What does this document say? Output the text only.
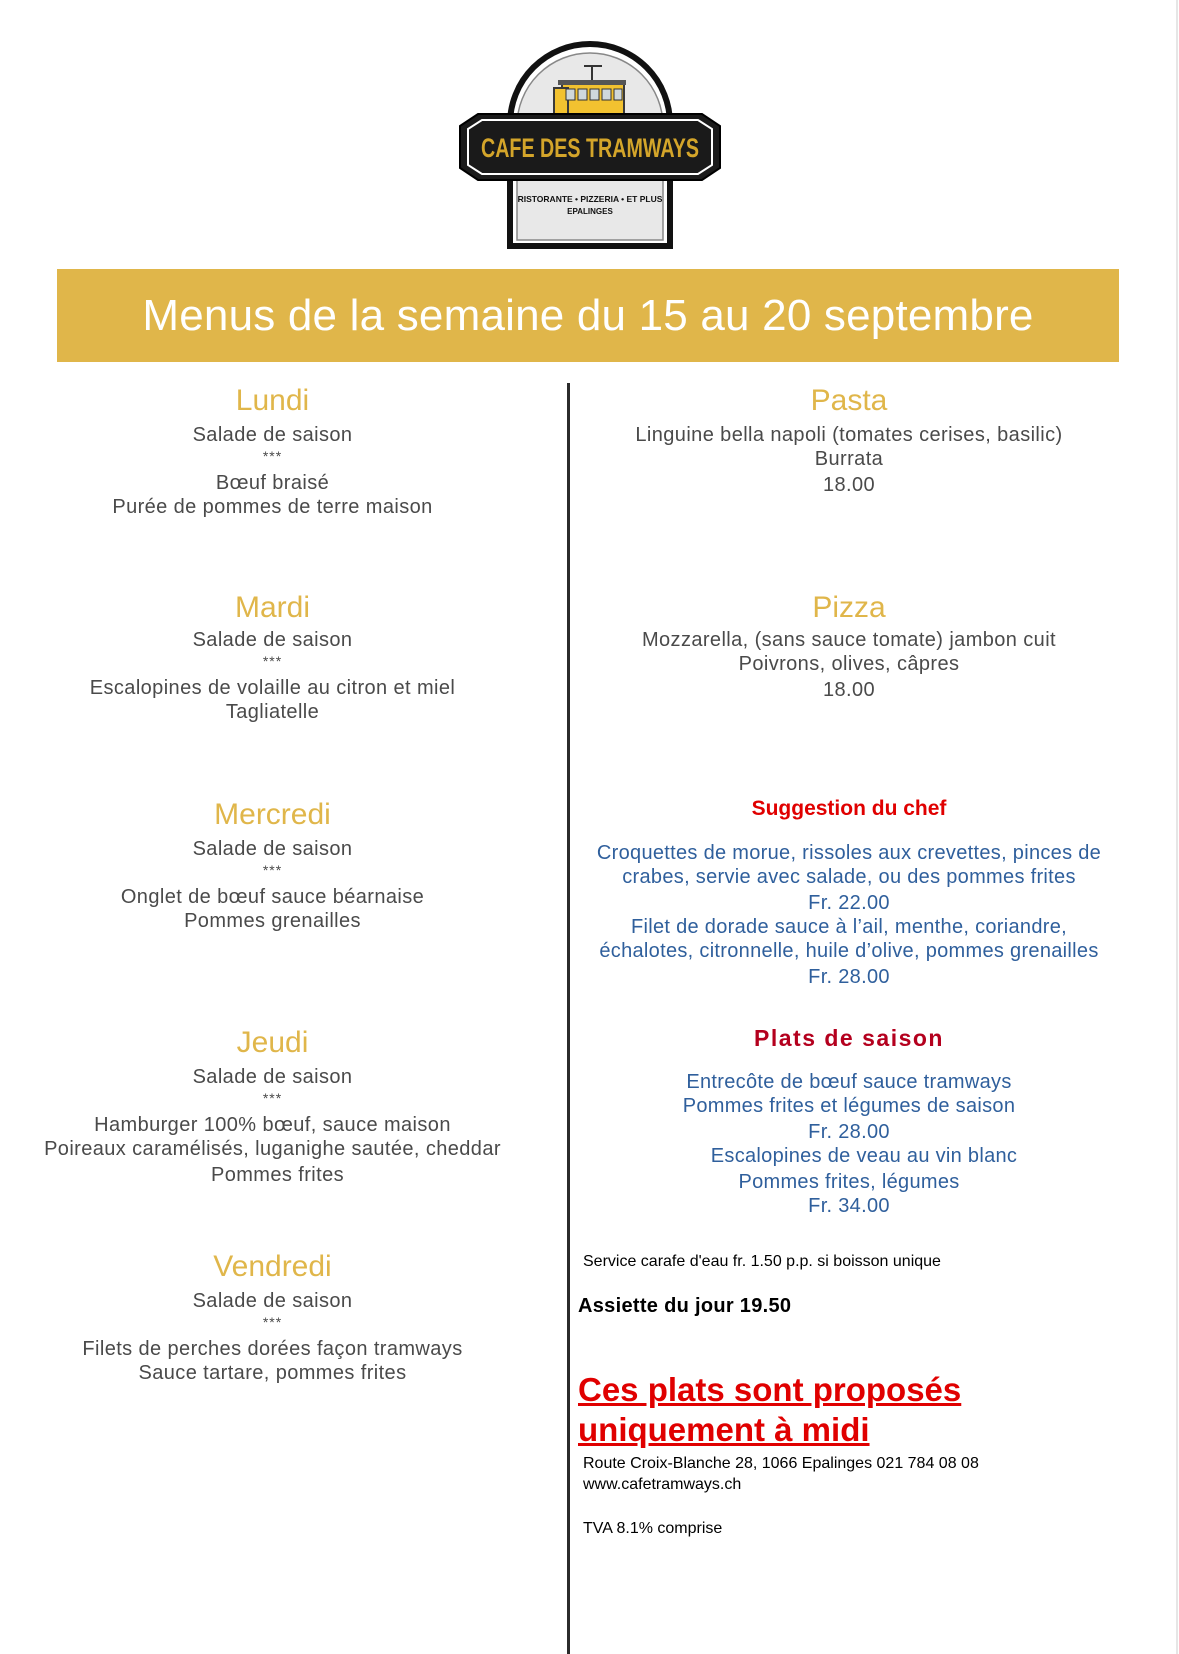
CAFE DES TRAMWAYS
RISTORANTE • PIZZERIA • ET PLUS
EPALINGES
Menus de la semaine du 15 au 20 septembre
Lundi
Salade de saison
***
Bœuf braisé
Purée de pommes de terre maison
Mardi
Salade de saison
***
Escalopines de volaille au citron et miel
Tagliatelle
Mercredi
Salade de saison
***
Onglet de bœuf sauce béarnaise
Pommes grenailles
Jeudi
Salade de saison
***
Hamburger 100% bœuf, sauce maison
Poireaux caramélisés, luganighe sautée, cheddar
Pommes frites
Vendredi
Salade de saison
***
Filets de perches dorées façon tramways
Sauce tartare, pommes frites
Pasta
Linguine bella napoli (tomates cerises, basilic)
Burrata
18.00
Pizza
Mozzarella, (sans sauce tomate) jambon cuit
Poivrons, olives, câpres
18.00
Suggestion du chef
Croquettes de morue, rissoles aux crevettes, pinces de
crabes, servie avec salade, ou des pommes frites
Fr. 22.00
Filet de dorade sauce à l’ail, menthe, coriandre,
échalotes, citronnelle, huile d’olive, pommes grenailles
Fr. 28.00
Plats de saison
Entrecôte de bœuf sauce tramways
Pommes frites et légumes de saison
Fr. 28.00
Escalopines de veau au vin blanc
Pommes frites, légumes
Fr. 34.00
Service carafe d'eau fr. 1.50 p.p. si boisson unique
Assiette du jour 19.50
Ces plats sont proposés
uniquement à midi
Route Croix-Blanche 28, 1066 Epalinges 021 784 08 08
www.cafetramways.ch
TVA 8.1% comprise
